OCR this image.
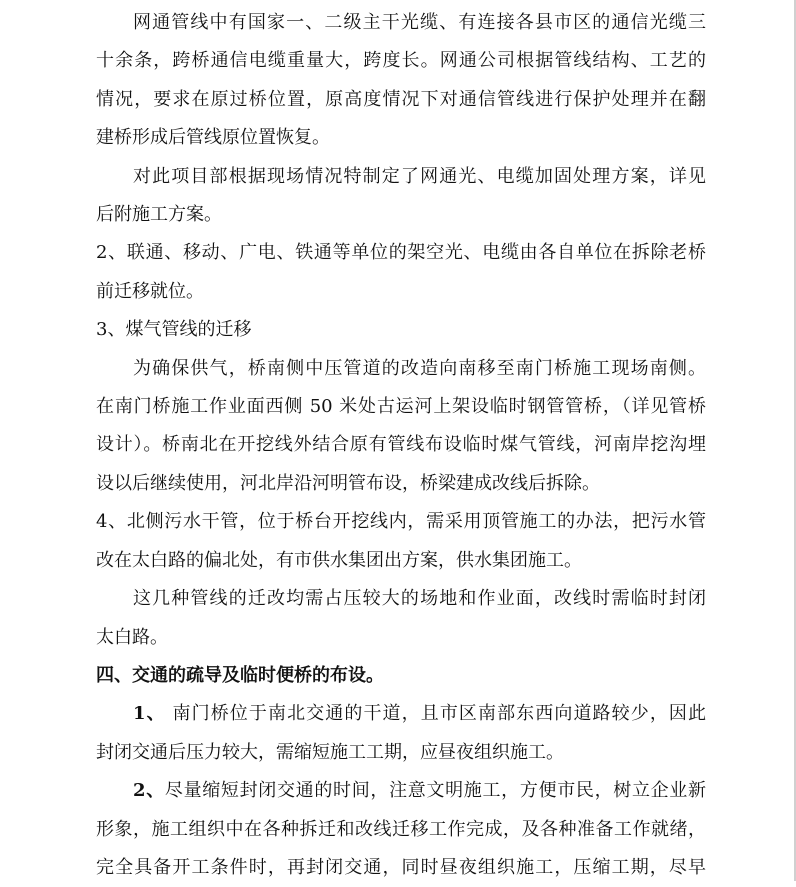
网通管线中有国家一、二级主干光缆、有连接各县市区的通信光缆三
十余条，跨桥通信电缆重量大，跨度长。网通公司根据管线结构、工艺的
情况，要求在原过桥位置，原高度情况下对通信管线进行保护处理并在翻
建桥形成后管线原位置恢复。
对此项目部根据现场情况特制定了网通光、电缆加固处理方案，详见
后附施工方案。
2、联通、移动、广电、铁通等单位的架空光、电缆由各自单位在拆除老桥
前迁移就位。
3、煤气管线的迁移
为确保供气，桥南侧中压管道的改造向南移至南门桥施工现场南侧。
在南门桥施工作业面西侧 50 米处古运河上架设临时钢管管桥，（详见管桥
设计）。桥南北在开挖线外结合原有管线布设临时煤气管线，河南岸挖沟埋
设以后继续使用，河北岸沿河明管布设，桥梁建成改线后拆除。
4、北侧污水干管，位于桥台开挖线内，需采用顶管施工的办法，把污水管
改在太白路的偏北处，有市供水集团出方案，供水集团施工。
这几种管线的迁改均需占压较大的场地和作业面，改线时需临时封闭
太白路。
四、交通的疏导及临时便桥的布设。
1、 南门桥位于南北交通的干道，且市区南部东西向道路较少，因此
封闭交通后压力较大，需缩短施工工期，应昼夜组织施工。
2、尽量缩短封闭交通的时间，注意文明施工，方便市民，树立企业新
形象，施工组织中在各种拆迁和改线迁移工作完成，及各种准备工作就绪，
完全具备开工条件时，再封闭交通，同时昼夜组织施工，压缩工期，尽早
